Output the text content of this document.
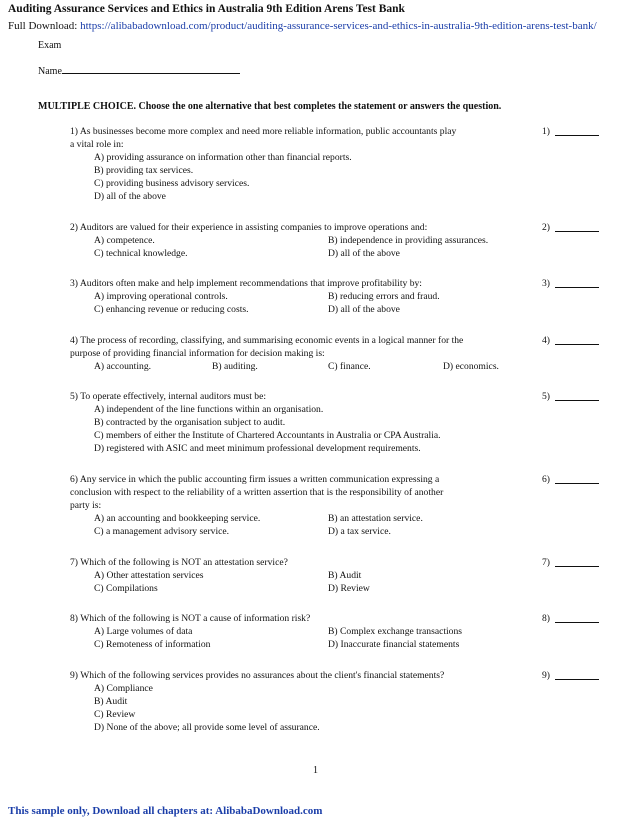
Auditing Assurance Services and Ethics in Australia 9th Edition Arens Test Bank
Full Download: https://alibabadownload.com/product/auditing-assurance-services-and-ethics-in-australia-9th-edition-arens-test-bank/
Exam
Name
MULTIPLE CHOICE. Choose the one alternative that best completes the statement or answers the question.
1) As businesses become more complex and need more reliable information, public accountants play
a vital role in:
1)
A) providing assurance on information other than financial reports.
B) providing tax services.
C) providing business advisory services.
D) all of the above
2) Auditors are valued for their experience in assisting companies to improve operations and:	2)
A) competence.	B) independence in providing assurances.
C) technical knowledge.	D) all of the above
3) Auditors often make and help implement recommendations that improve profitability by:	3)
A) improving operational controls.	B) reducing errors and fraud.
C) enhancing revenue or reducing costs.	D) all of the above
4) The process of recording, classifying, and summarising economic events in a logical manner for the
purpose of providing financial information for decision making is:
4)
A) accounting.	B) auditing.	C) finance.	D) economics.
5) To operate effectively, internal auditors must be:	5)
A) independent of the line functions within an organisation.
B) contracted by the organisation subject to audit.
C) members of either the Institute of Chartered Accountants in Australia or CPA Australia.
D) registered with ASIC and meet minimum professional development requirements.
6) Any service in which the public accounting firm issues a written communication expressing a
conclusion with respect to the reliability of a written assertion that is the responsibility of another
party is:
6)
A) an accounting and bookkeeping service.	B) an attestation service.
C) a management advisory service.	D) a tax service.
7) Which of the following is NOT an attestation service?	7)
A) Other attestation services	B) Audit
C) Compilations	D) Review
8) Which of the following is NOT a cause of information risk?	8)
A) Large volumes of data	B) Complex exchange transactions
C) Remoteness of information	D) Inaccurate financial statements
9) Which of the following services provides no assurances about the client's financial statements?	9)
A) Compliance
B) Audit
C) Review
D) None of the above; all provide some level of assurance.
1
This sample only, Download all chapters at: AlibabaDownload.com
